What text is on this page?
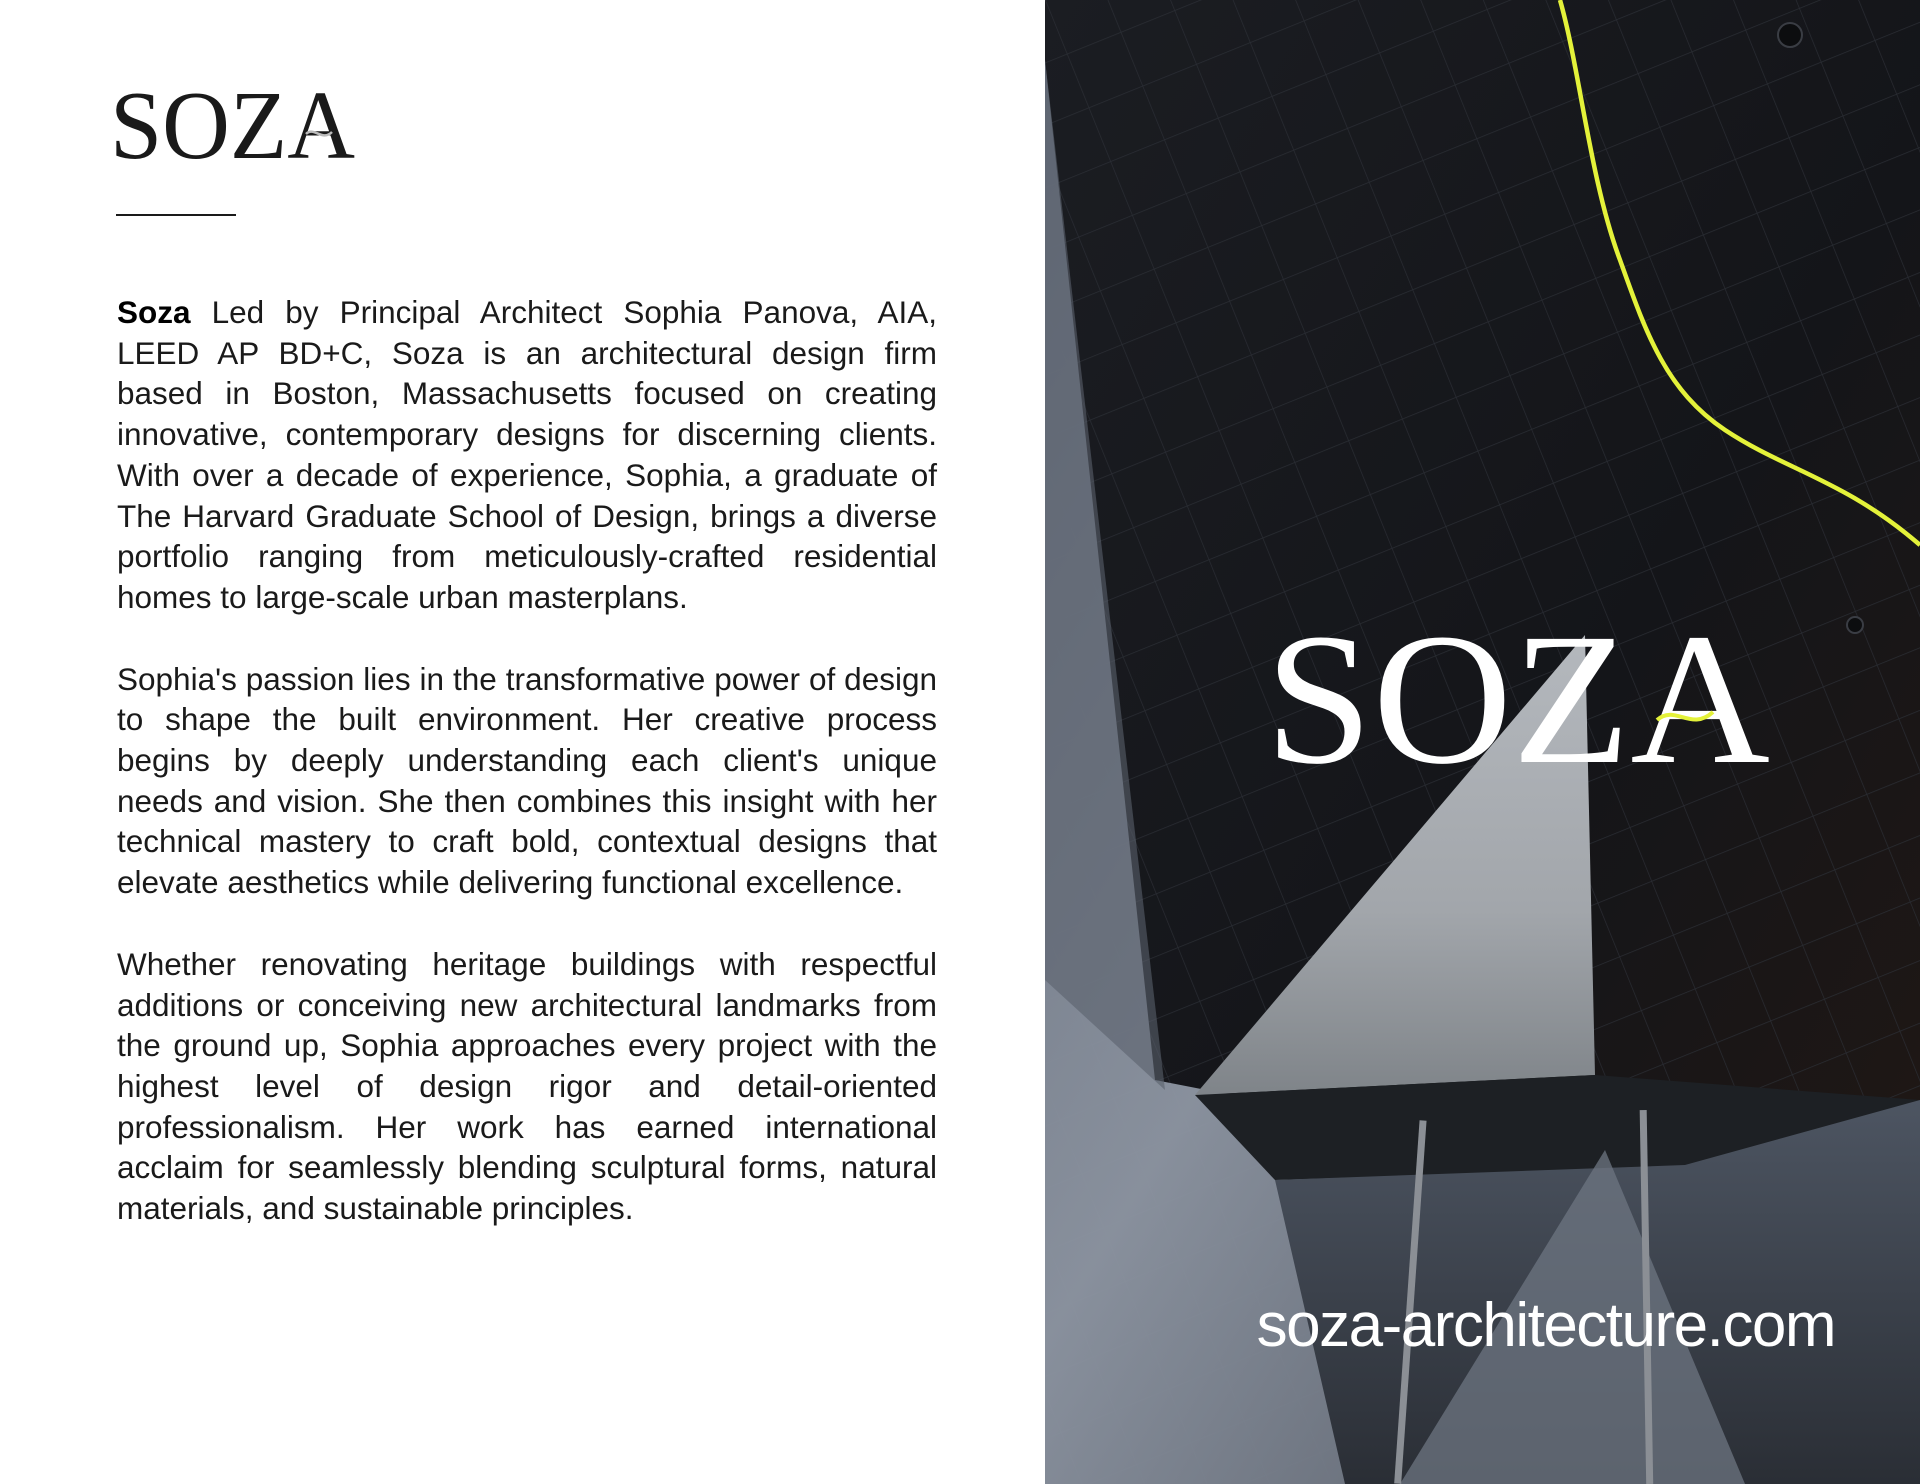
SOZA

Soza Led by Principal Architect Sophia Panova, AIA, LEED AP BD+C, Soza is an architectural design firm based in Boston, Massachusetts focused on creating innovative, contemporary designs for discerning clients. With over a decade of experience, Sophia, a graduate of The Harvard Graduate School of Design, brings a diverse portfolio ranging from meticulously-crafted residential homes to large-scale urban masterplans.

Sophia's passion lies in the transformative power of design to shape the built environment. Her creative process begins by deeply understanding each client's unique needs and vision. She then combines this insight with her technical mastery to craft bold, contextual designs that elevate aesthetics while delivering functional excellence.

Whether renovating heritage buildings with respectful additions or conceiving new architectural landmarks from the ground up, Sophia approaches every project with the highest level of design rigor and detail-oriented professionalism. Her work has earned international acclaim for seamlessly blending sculptural forms, natural materials, and sustainable principles.

SOZA
soza-architecture.com
